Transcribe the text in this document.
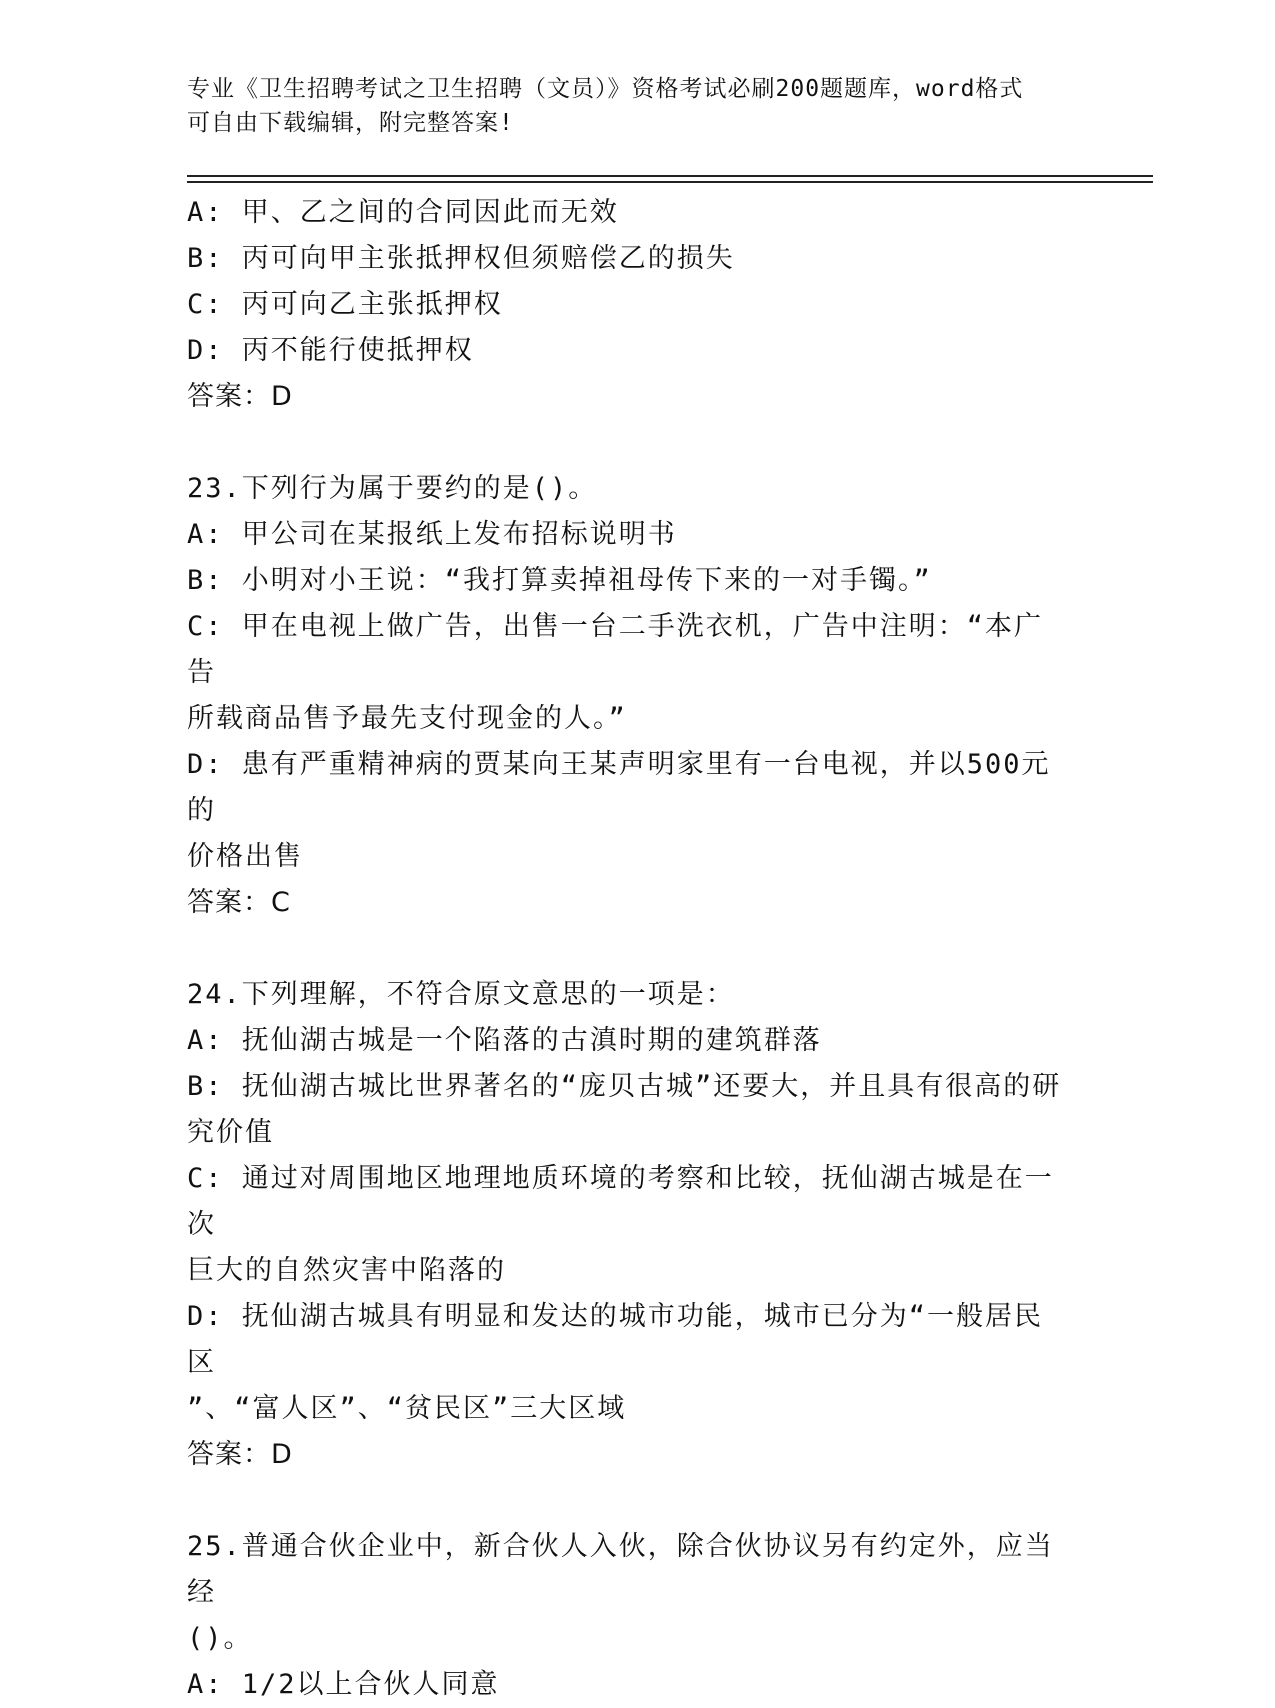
专业《卫生招聘考试之卫生招聘（文员）》资格考试必刷200题题库，word格式
可自由下载编辑，附完整答案!
A: 甲、乙之间的合同因此而无效
B: 丙可向甲主张抵押权但须赔偿乙的损失
C: 丙可向乙主张抵押权
D: 丙不能行使抵押权
答案：D
23.下列行为属于要约的是()。
A: 甲公司在某报纸上发布招标说明书
B: 小明对小王说：“我打算卖掉祖母传下来的一对手镯。”
C: 甲在电视上做广告，出售一台二手洗衣机，广告中注明：“本广告
所载商品售予最先支付现金的人。”
D: 患有严重精神病的贾某向王某声明家里有一台电视，并以500元的
价格出售
答案：C
24.下列理解，不符合原文意思的一项是：
A: 抚仙湖古城是一个陷落的古滇时期的建筑群落
B: 抚仙湖古城比世界著名的“庞贝古城”还要大，并且具有很高的研
究价值
C: 通过对周围地区地理地质环境的考察和比较，抚仙湖古城是在一次
巨大的自然灾害中陷落的
D: 抚仙湖古城具有明显和发达的城市功能，城市已分为“一般居民区
”、“富人区”、“贫民区”三大区域
答案：D
25.普通合伙企业中，新合伙人入伙，除合伙协议另有约定外，应当经
()。
A: 1/2以上合伙人同意
